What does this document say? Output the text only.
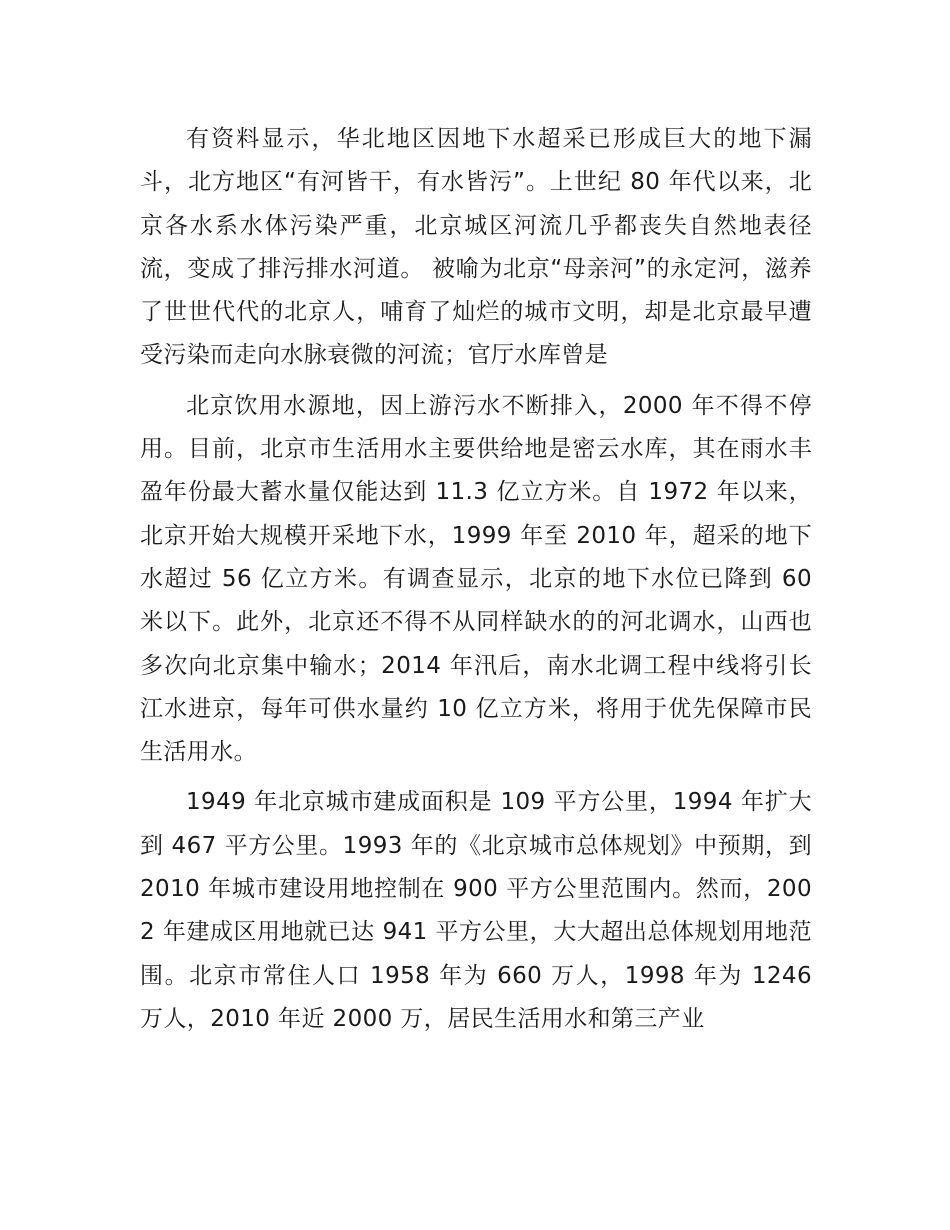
有资料显示，华北地区因地下水超采已形成巨大的地下漏斗，北方地区“有河皆干，有水皆污”。上世纪 80 年代以来，北京各水系水体污染严重，北京城区河流几乎都丧失自然地表径流，变成了排污排水河道。 被喻为北京“母亲河”的永定河，滋养了世世代代的北京人，哺育了灿烂的城市文明，却是北京最早遭受污染而走向水脉衰微的河流；官厅水库曾是

北京饮用水源地，因上游污水不断排入，2000 年不得不停用。目前，北京市生活用水主要供给地是密云水库，其在雨水丰盈年份最大蓄水量仅能达到 11.3 亿立方米。自 1972 年以来，北京开始大规模开采地下水，1999 年至 2010 年，超采的地下水超过 56 亿立方米。有调查显示，北京的地下水位已降到 60 米以下。此外，北京还不得不从同样缺水的的河北调水，山西也多次向北京集中输水；2014 年汛后，南水北调工程中线将引长江水进京，每年可供水量约 10 亿立方米，将用于优先保障市民生活用水。

1949 年北京城市建成面积是 109 平方公里，1994 年扩大到 467 平方公里。1993 年的《北京城市总体规划》中预期，到 2010 年城市建设用地控制在 900 平方公里范围内。然而，2002 年建成区用地就已达 941 平方公里，大大超出总体规划用地范围。北京市常住人口 1958 年为 660 万人，1998 年为 1246 万人，2010 年近 2000 万，居民生活用水和第三产业
